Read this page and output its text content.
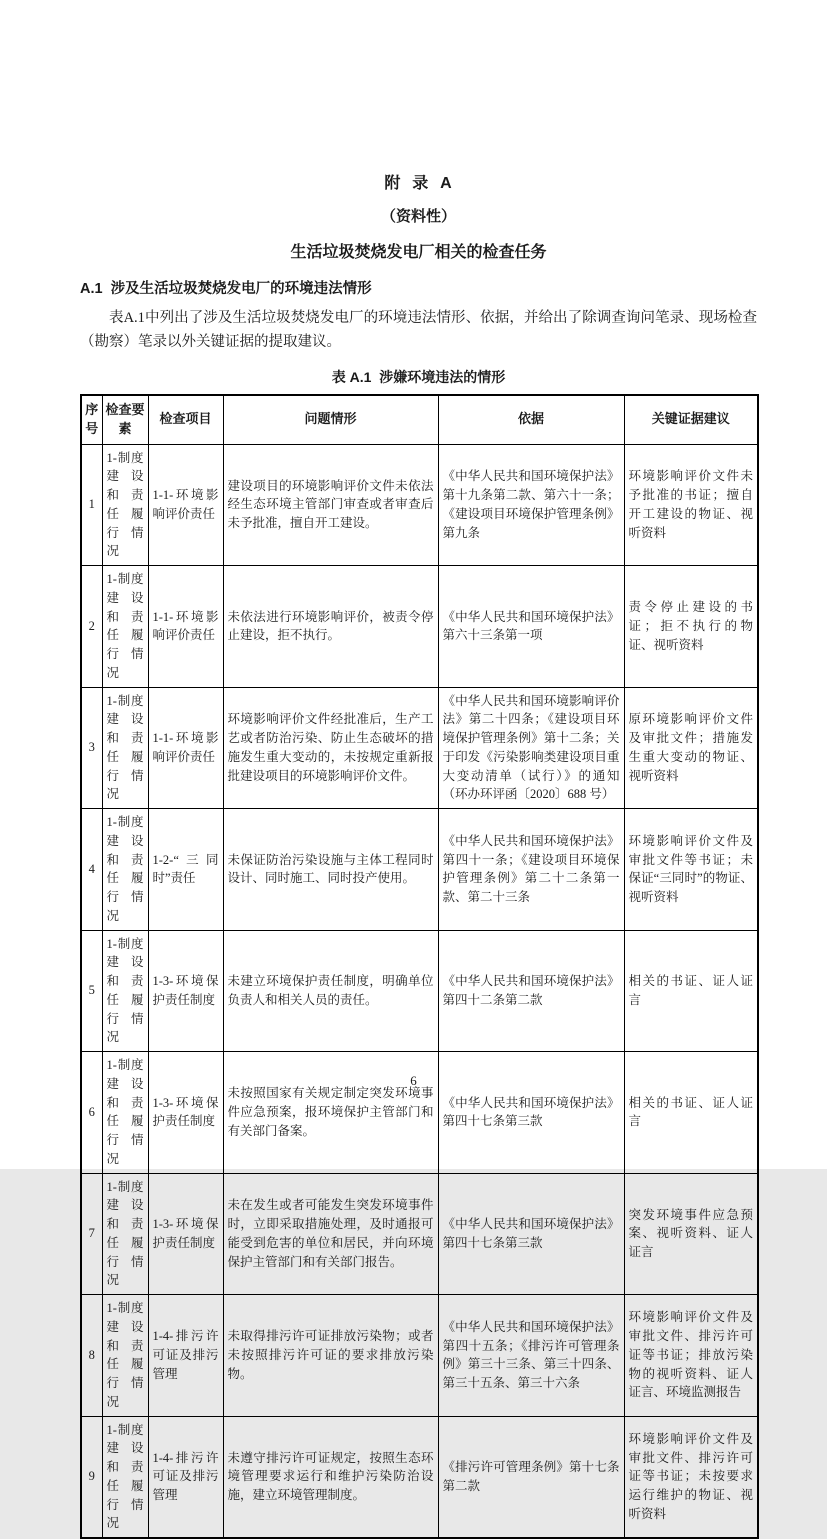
附  录  A
（资料性）
生活垃圾焚烧发电厂相关的检查任务
A.1  涉及生活垃圾焚烧发电厂的环境违法情形

表A.1中列出了涉及生活垃圾焚烧发电厂的环境违法情形、依据，并给出了除调查询问笔录、现场检查（勘察）笔录以外关键证据的提取建议。

表 A.1  涉嫌环境违法的情形
序号	检查要素	检查项目	问题情形	依据	关键证据建议
1	1-制度建设和责任履行情况	1-1-环境影响评价责任	建设项目的环境影响评价文件未依法经生态环境主管部门审查或者审查后未予批准，擅自开工建设。	《中华人民共和国环境保护法》第十九条第二款、第六十一条；《建设项目环境保护管理条例》第九条	环境影响评价文件未予批准的书证；擅自开工建设的物证、视听资料
2	1-制度建设和责任履行情况	1-1-环境影响评价责任	未依法进行环境影响评价，被责令停止建设，拒不执行。	《中华人民共和国环境保护法》第六十三条第一项	责令停止建设的书证；拒不执行的物证、视听资料
3	1-制度建设和责任履行情况	1-1-环境影响评价责任	环境影响评价文件经批准后，生产工艺或者防治污染、防止生态破坏的措施发生重大变动的，未按规定重新报批建设项目的环境影响评价文件。	《中华人民共和国环境影响评价法》第二十四条；《建设项目环境保护管理条例》第十二条；关于印发《污染影响类建设项目重大变动清单（试行）》的通知（环办环评函〔2020〕688 号）	原环境影响评价文件及审批文件；措施发生重大变动的物证、视听资料
4	1-制度建设和责任履行情况	1-2-“三同时”责任	未保证防治污染设施与主体工程同时设计、同时施工、同时投产使用。	《中华人民共和国环境保护法》第四十一条；《建设项目环境保护管理条例》第二十二条第一款、第二十三条	环境影响评价文件及审批文件等书证；未保证“三同时”的物证、视听资料
5	1-制度建设和责任履行情况	1-3-环境保护责任制度	未建立环境保护责任制度，明确单位负责人和相关人员的责任。	《中华人民共和国环境保护法》第四十二条第二款	相关的书证、证人证言
6	1-制度建设和责任履行情况	1-3-环境保护责任制度	未按照国家有关规定制定突发环境事件应急预案，报环境保护主管部门和有关部门备案。	《中华人民共和国环境保护法》第四十七条第三款	相关的书证、证人证言
7	1-制度建设和责任履行情况	1-3-环境保护责任制度	未在发生或者可能发生突发环境事件时，立即采取措施处理，及时通报可能受到危害的单位和居民，并向环境保护主管部门和有关部门报告。	《中华人民共和国环境保护法》第四十七条第三款	突发环境事件应急预案、视听资料、证人证言
8	1-制度建设和责任履行情况	1-4-排污许可证及排污管理	未取得排污许可证排放污染物；或者未按照排污许可证的要求排放污染物。	《中华人民共和国环境保护法》第四十五条；《排污许可管理条例》第三十三条、第三十四条、第三十五条、第三十六条	环境影响评价文件及审批文件、排污许可证等书证；排放污染物的视听资料、证人证言、环境监测报告
9	1-制度建设和责任履行情况	1-4-排污许可证及排污管理	未遵守排污许可证规定，按照生态环境管理要求运行和维护污染防治设施，建立环境管理制度。	《排污许可管理条例》第十七条第二款	环境影响评价文件及审批文件、排污许可证等书证；未按要求运行维护的物证、视听资料
6
